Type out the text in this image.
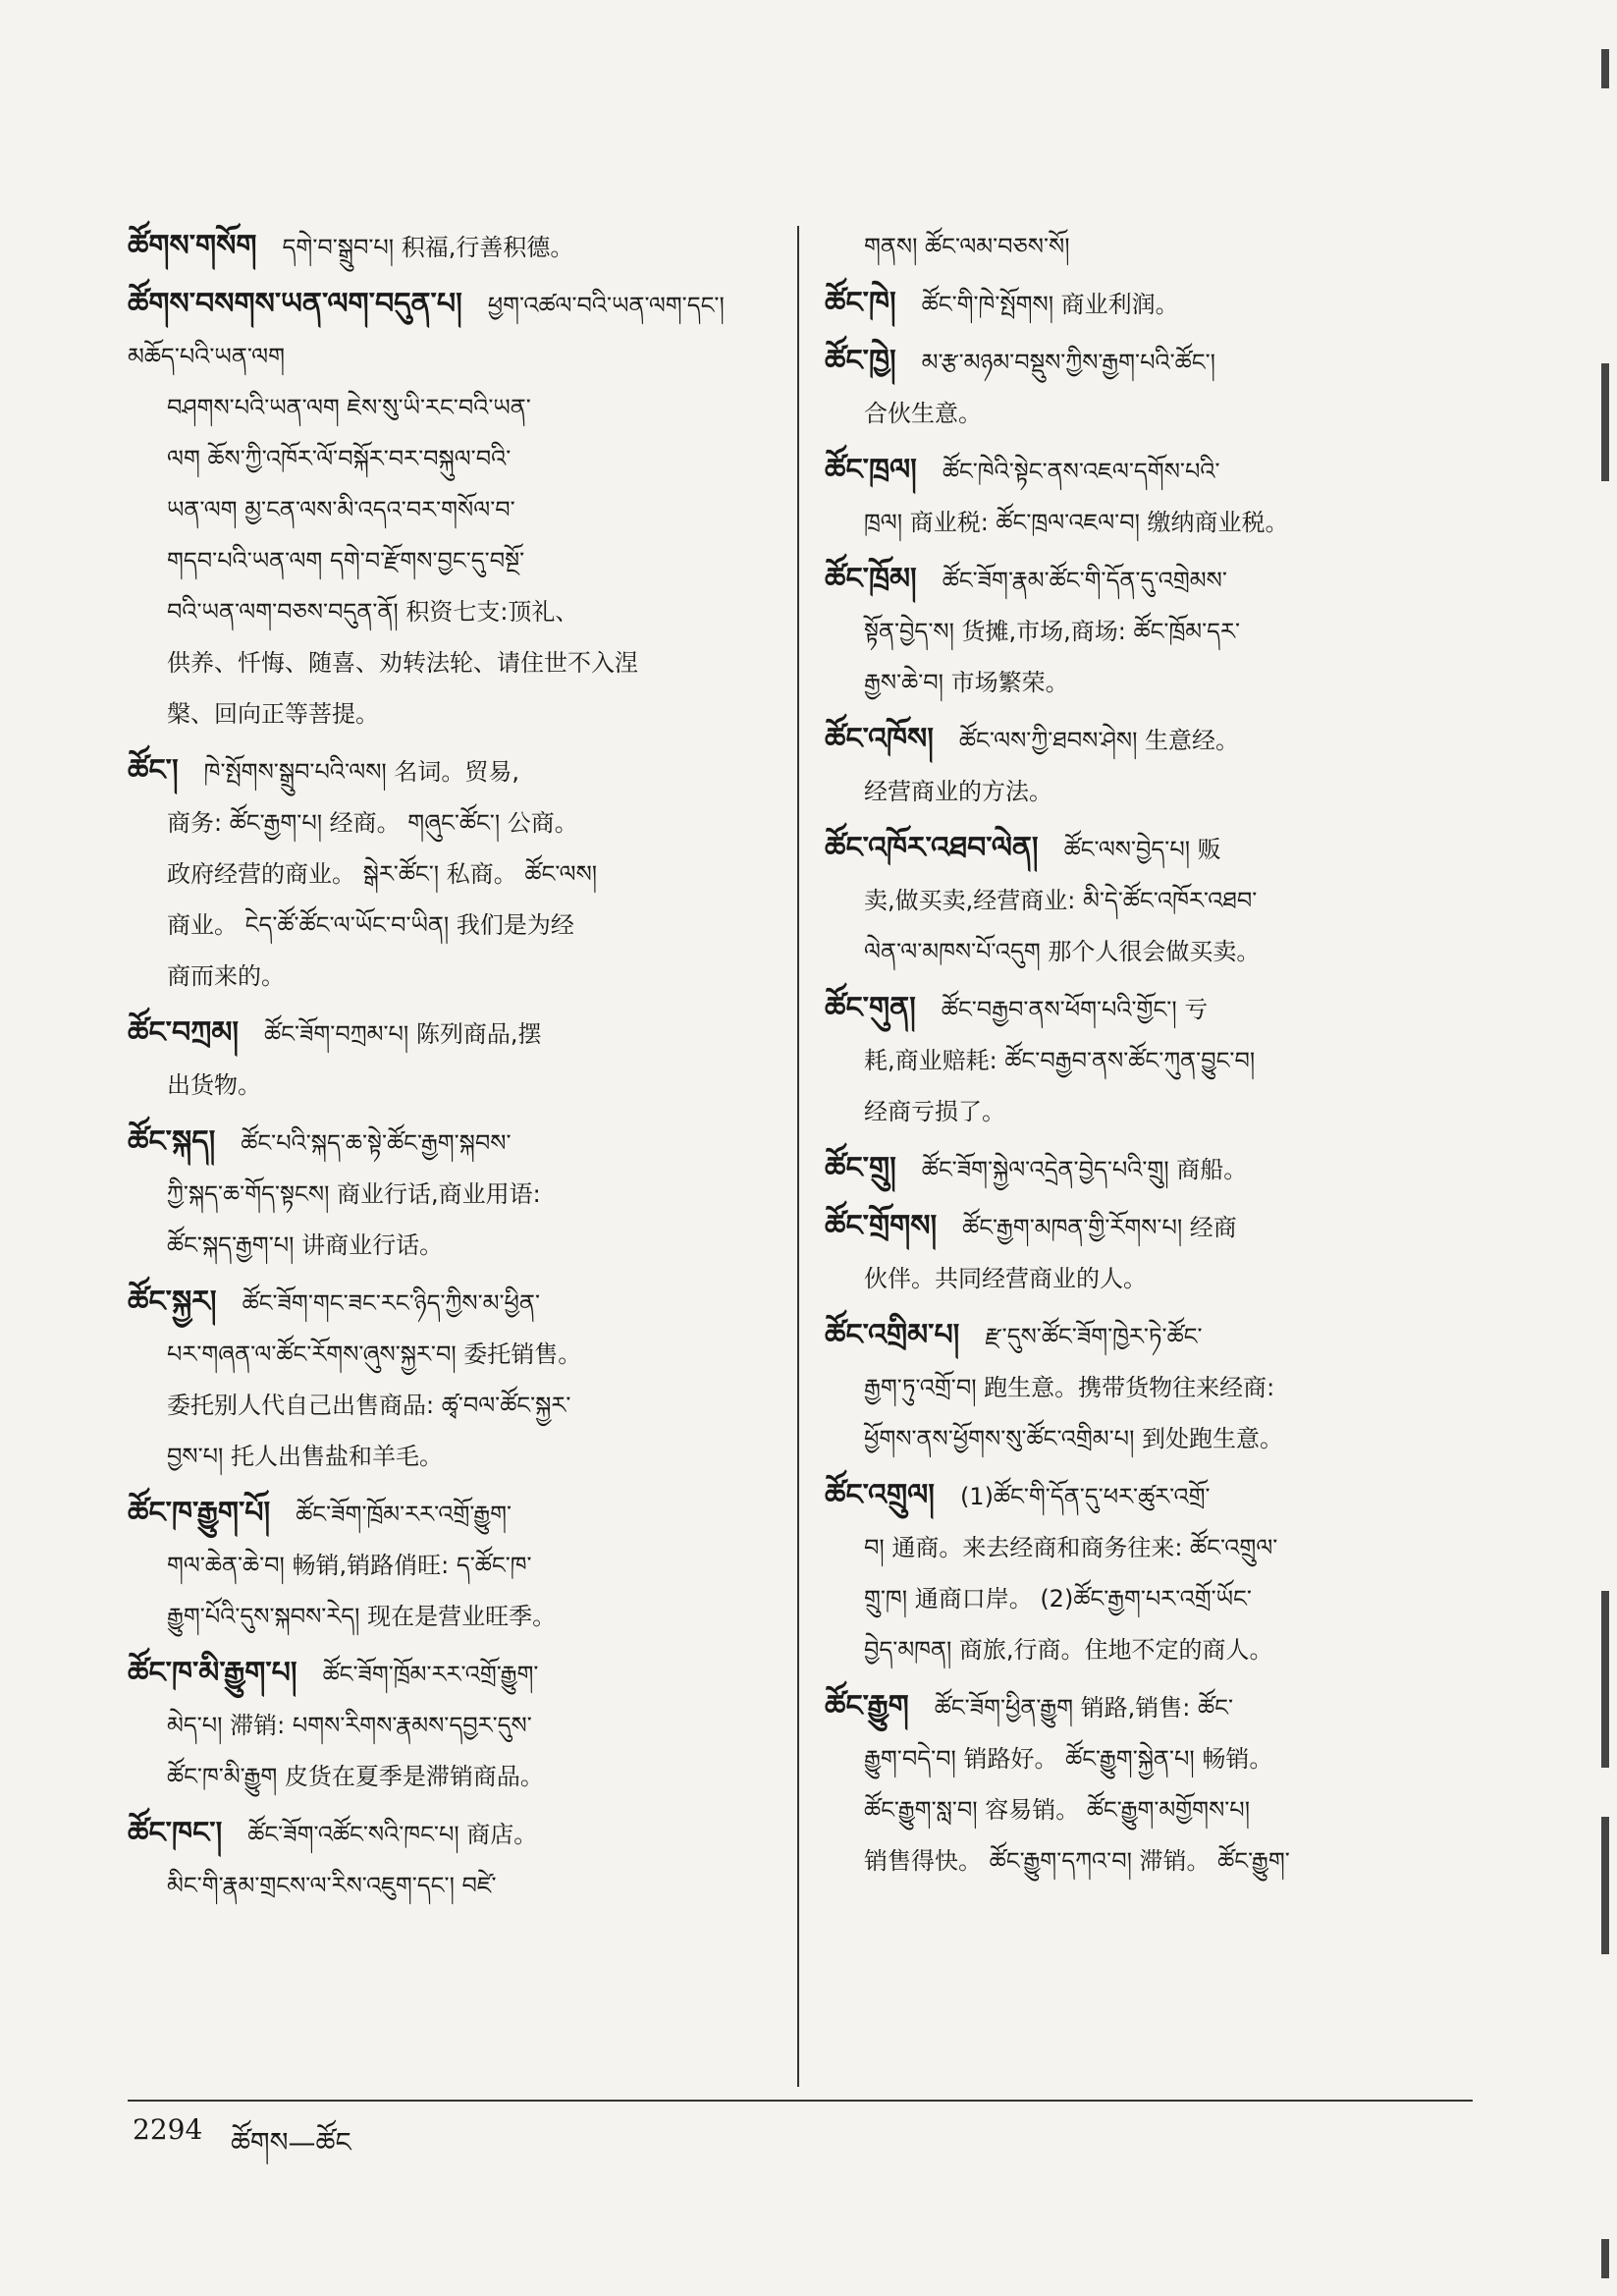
ཚོགས་གསོག དགེ་བ་སྒྲུབ་པ། 积福,行善积德。
ཚོགས་བསགས་ཡན་ལག་བདུན་པ། ཕྱག་འཚལ་བའི་ཡན་ལག་དང་། མཆོད་པའི་ཡན་ལག
བཤགས་པའི་ཡན་ལག ཇེས་སུ་ཡི་རང་བའི་ཡན་
ལག ཆོས་ཀྱི་འཁོར་ལོ་བསྐོར་བར་བསྐུལ་བའི་
ཡན་ལག མྱ་ངན་ལས་མི་འདའ་བར་གསོལ་བ་
གདབ་པའི་ཡན་ལག དགེ་བ་རྫོགས་བྱང་དུ་བསྔོ་
བའི་ཡན་ལག་བཅས་བདུན་ནོ། 积资七支:顶礼、
供养、忏悔、随喜、劝转法轮、请住世不入涅
槃、回向正等菩提。
ཚོང་། ཁེ་སྤོགས་སྒྲུབ་པའི་ལས། 名词。贸易,
商务: ཚོང་རྒྱག་པ། 经商。 གཞུང་ཚོང་། 公商。
政府经营的商业。 སྒེར་ཚོང་། 私商。 ཚོང་ལས།
商业。 ངེད་ཚོ་ཚོང་ལ་ཡོང་བ་ཡིན། 我们是为经
商而来的。
ཚོང་བཀྲམ། ཚོང་ཟོག་བཀྲམ་པ། 陈列商品,摆
出货物。
ཚོང་སྐད། ཚོང་པའི་སྐད་ཆ་སྟེ་ཚོང་རྒྱག་སྐབས་
ཀྱི་སྐད་ཆ་གོད་སྟངས། 商业行话,商业用语:
ཚོང་སྐད་རྒྱག་པ། 讲商业行话。
ཚོང་སྐྱར། ཚོང་ཟོག་གང་ཟང་རང་ཉིད་ཀྱིས་མ་ཕྱིན་
པར་གཞན་ལ་ཚོང་རོགས་ཞུས་སྐྱར་བ། 委托销售。
委托别人代自己出售商品: ཚྭ་བལ་ཚོང་སྐྱར་
བྱས་པ། 托人出售盐和羊毛。
ཚོང་ཁ་རྒྱུག་པོ། ཚོང་ཟོག་ཁྲོམ་རར་འགྲོ་རྒྱུག་
གལ་ཆེན་ཆེ་བ། 畅销,销路俏旺: ད་ཚོང་ཁ་
རྒྱུག་པོའི་དུས་སྐབས་རེད། 现在是营业旺季。
ཚོང་ཁ་མི་རྒྱུག་པ། ཚོང་ཟོག་ཁྲོམ་རར་འགྲོ་རྒྱུག་
མེད་པ། 滞销: པགས་རིགས་རྣམས་དབྱར་དུས་
ཚོང་ཁ་མི་རྒྱུག 皮货在夏季是滞销商品。
ཚོང་ཁང་། ཚོང་ཟོག་འཚོང་སའི་ཁང་པ། 商店。
མིང་གི་རྣམ་གྲངས་ལ་རིས་འཇུག་དང་། བཛེ་
གནས། ཚོང་ལམ་བཅས་སོ།
ཚོང་ཁེ། ཚོང་གི་ཁེ་སྤོགས། 商业利润。
ཚོང་ཁྱེ། མ་རྩ་མཉམ་བསྡུས་ཀྱིས་རྒྱག་པའི་ཚོང་།
合伙生意。
ཚོང་ཁྲལ། ཚོང་ཁེའི་སྟེང་ནས་འཇལ་དགོས་པའི་
ཁྲལ། 商业税: ཚོང་ཁྲལ་འཇལ་བ། 缴纳商业税。
ཚོང་ཁྲོམ། ཚོང་ཟོག་རྣམ་ཚོང་གི་དོན་དུ་འགྲེམས་
སྟོན་བྱེད་ས། 货摊,市场,商场: ཚོང་ཁྲོམ་དར་
རྒྱས་ཆེ་བ། 市场繁荣。
ཚོང་འཁོས། ཚོང་ལས་ཀྱི་ཐབས་ཤེས། 生意经。
经营商业的方法。
ཚོང་འཁོར་འཐབ་ལེན། ཚོང་ལས་བྱེད་པ། 贩
卖,做买卖,经营商业: མི་དེ་ཚོང་འཁོར་འཐབ་
ལེན་ལ་མཁས་པོ་འདུག 那个人很会做买卖。
ཚོང་གུན། ཚོང་བརྒྱབ་ནས་ཕོག་པའི་གྱོང་། 亏
耗,商业赔耗: ཚོང་བརྒྱབ་ནས་ཚོང་ཀུན་བྱུང་བ།
经商亏损了。
ཚོང་གྲུ། ཚོང་ཟོག་སྐྱེལ་འདྲེན་བྱེད་པའི་གྲུ། 商船。
ཚོང་གྲོགས། ཚོང་རྒྱག་མཁན་གྱི་རོགས་པ། 经商
伙伴。共同经营商业的人。
ཚོང་འགྲིམ་པ། རྫ་དུས་ཚོང་ཟོག་ཁྱེར་ཏེ་ཚོང་
རྒྱག་ཏུ་འགྲོ་བ། 跑生意。携带货物往来经商:
ཕྱོགས་ནས་ཕྱོགས་སུ་ཚོང་འགྲིམ་པ། 到处跑生意。
ཚོང་འགྲུལ། (1)ཚོང་གི་དོན་དུ་ཕར་ཚུར་འགྲོ་
བ། 通商。来去经商和商务往来: ཚོང་འགྲུལ་
གྲུ་ཁ། 通商口岸。 (2)ཚོང་རྒྱག་པར་འགྲོ་ཡོང་
བྱེད་མཁན། 商旅,行商。住地不定的商人。
ཚོང་རྒྱུག ཚོང་ཟོག་ཕྱིན་རྒྱུག 销路,销售: ཚོང་
རྒྱུག་བདེ་བ། 销路好。 ཚོང་རྒྱུག་སྐྱེན་པ། 畅销。
ཚོང་རྒྱུག་སླ་བ། 容易销。 ཚོང་རྒྱུག་མགྱོགས་པ།
销售得快。 ཚོང་རྒྱུག་དཀའ་བ། 滞销。 ཚོང་རྒྱུག་
2294 ཚོགས—ཚོང
